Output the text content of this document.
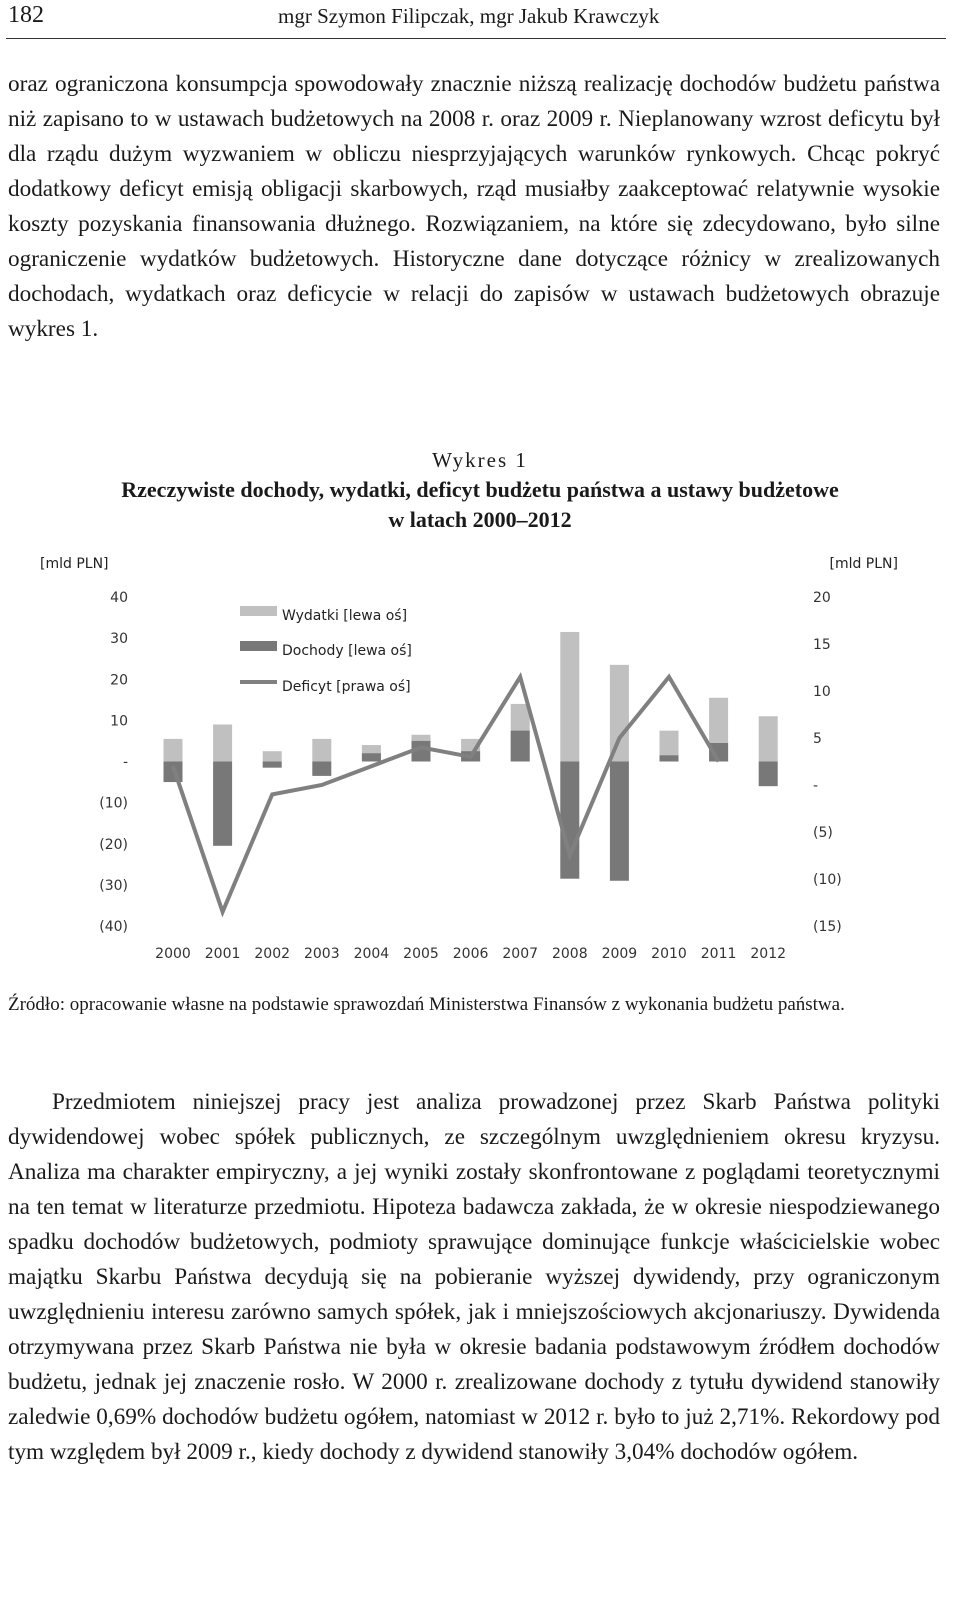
182	mgr Szymon Filipczak, mgr Jakub Krawczyk

oraz ograniczona konsumpcja spowodowały znacznie niższą realizację dochodów budżetu państwa niż zapisano to w ustawach budżetowych na 2008 r. oraz 2009 r. Nieplanowany wzrost deficytu był dla rządu dużym wyzwaniem w obliczu niesprzyjających warunków rynkowych. Chcąc pokryć dodatkowy deficyt emisją obligacji skarbowych, rząd musiałby zaakceptować relatywnie wysokie koszty pozyskania finansowania dłużnego. Rozwiązaniem, na które się zdecydowano, było silne ograniczenie wydatków budżetowych. Historyczne dane dotyczące różnicy w zrealizowanych dochodach, wydatkach oraz deficycie w relacji do zapisów w ustawach budżetowych obrazuje wykres 1.

Wykres 1
Rzeczywiste dochody, wydatki, deficyt budżetu państwa a ustawy budżetowe
w latach 2000–2012
[mld PLN]	[mld PLN]
40
30
20
10
-
(10)
(20)
(30)
(40)
20
15
10
5
-
(5)
(10)
(15)
2000 2001 2002 2003 2004 2005 2006 2007 2008 2009 2010 2011 2012
Wydatki [lewa oś]
Dochody [lewa oś]
Deficyt [prawa oś]

Źródło: opracowanie własne na podstawie sprawozdań Ministerstwa Finansów z wykonania budżetu państwa.

Przedmiotem niniejszej pracy jest analiza prowadzonej przez Skarb Państwa polityki dywidendowej wobec spółek publicznych, ze szczególnym uwzględnieniem okresu kryzysu. Analiza ma charakter empiryczny, a jej wyniki zostały skonfrontowane z poglądami teoretycznymi na ten temat w literaturze przedmiotu. Hipoteza badawcza zakłada, że w okresie niespodziewanego spadku dochodów budżetowych, podmioty sprawujące dominujące funkcje właścicielskie wobec majątku Skarbu Państwa decydują się na pobieranie wyższej dywidendy, przy ograniczonym uwzględnieniu interesu zarówno samych spółek, jak i mniejszościowych akcjonariuszy. Dywidenda otrzymywana przez Skarb Państwa nie była w okresie badania podstawowym źródłem dochodów budżetu, jednak jej znaczenie rosło. W 2000 r. zrealizowane dochody z tytułu dywidend stanowiły zaledwie 0,69% dochodów budżetu ogółem, natomiast w 2012 r. było to już 2,71%. Rekordowy pod tym względem był 2009 r., kiedy dochody z dywidend stanowiły 3,04% dochodów ogółem.
